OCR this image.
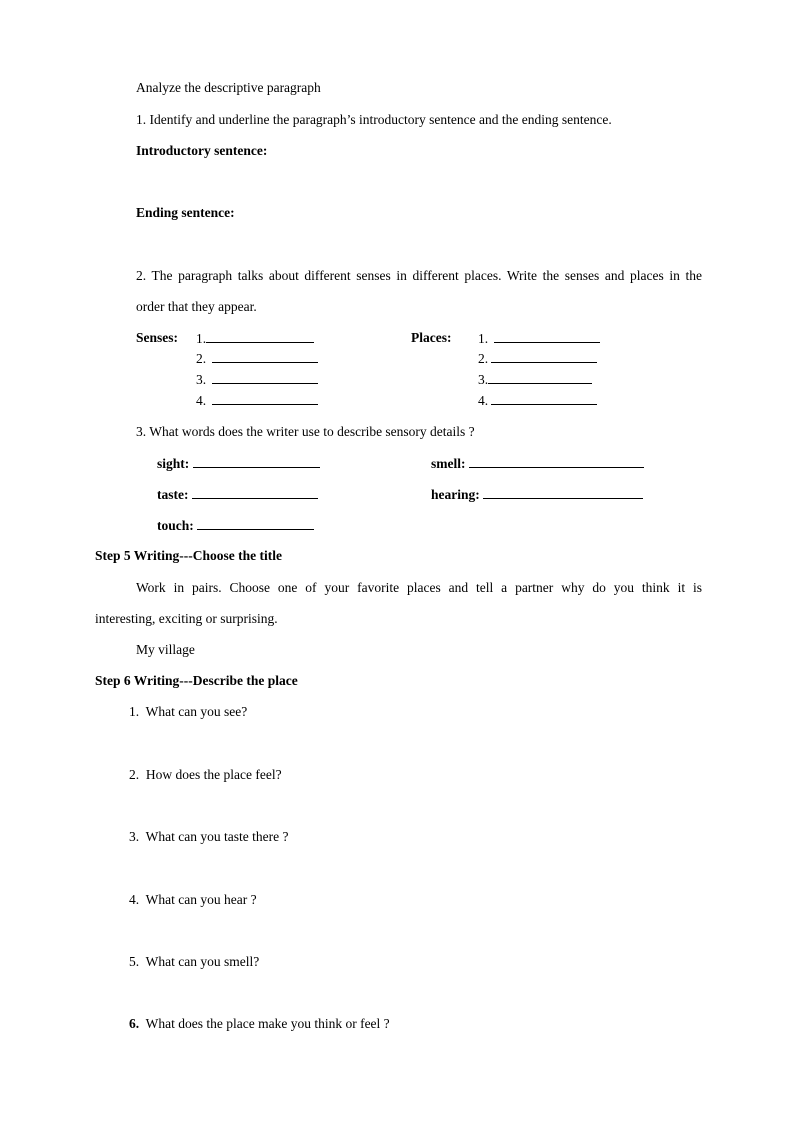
Analyze the descriptive paragraph
1. Identify and underline the paragraph’s introductory sentence and the ending sentence.
Introductory sentence:
Ending sentence:
2. The paragraph talks about different senses in different places. Write the senses and places in the
order that they appear.
Senses: 1.
2.
3.
4.
Places: 1.
2.
3.
4.
3. What words does the writer use to describe sensory details ?
sight:	smell:
taste:	hearing:
touch:
Step 5 Writing---Choose the title
Work in pairs. Choose one of your favorite places and tell a partner why do you think it is
interesting, exciting or surprising.
My village
Step 6 Writing---Describe the place
1. What can you see?
2. How does the place feel?
3. What can you taste there ?
4. What can you hear ?
5. What can you smell?
6. What does the place make you think or feel ?
